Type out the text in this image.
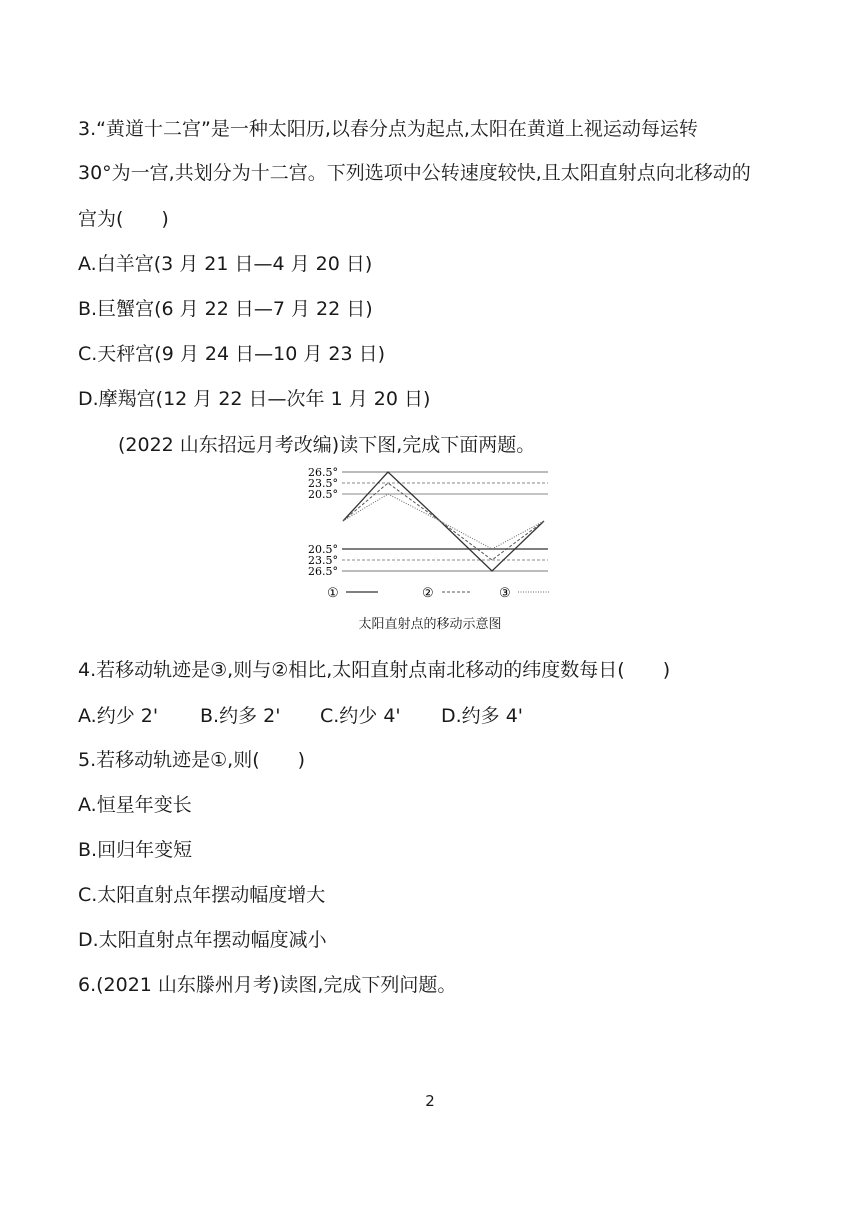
3.“黄道十二宫”是一种太阳历,以春分点为起点,太阳在黄道上视运动每运转
30°为一宫,共划分为十二宫。下列选项中公转速度较快,且太阳直射点向北移动的
宫为(　　)
A.白羊宫(3 月 21 日—4 月 20 日)
B.巨蟹宫(6 月 22 日—7 月 22 日)
C.天秤宫(9 月 24 日—10 月 23 日)
D.摩羯宫(12 月 22 日—次年 1 月 20 日)
(2022 山东招远月考改编)读下图,完成下面两题。
26.5°
23.5°
20.5°
20.5°
23.5°
26.5°
①	②	③
太阳直射点的移动示意图
4.若移动轨迹是③,则与②相比,太阳直射点南北移动的纬度数每日(　　)
A.约少 2' B.约多 2' C.约少 4' D.约多 4'
5.若移动轨迹是①,则(　　)
A.恒星年变长
B.回归年变短
C.太阳直射点年摆动幅度增大
D.太阳直射点年摆动幅度减小
6.(2021 山东滕州月考)读图,完成下列问题。
2
